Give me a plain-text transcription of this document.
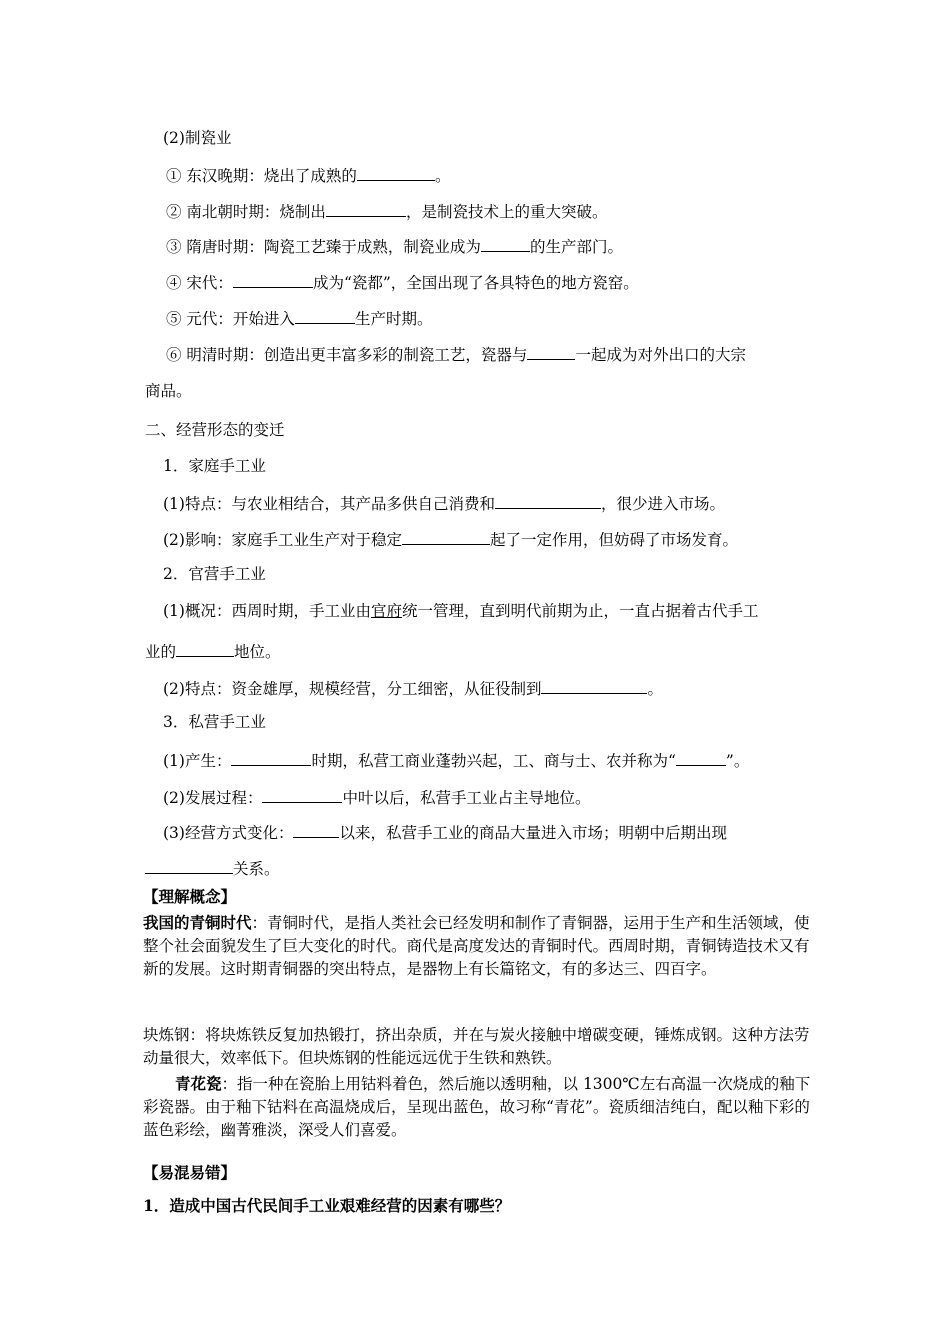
(2)制瓷业
① 东汉晚期：烧出了成熟的	。
② 南北朝时期：烧制出	，是制瓷技术上的重大突破。
③ 隋唐时期：陶瓷工艺臻于成熟，制瓷业成为	的生产部门。
④ 宋代：	成为“瓷都”，全国出现了各具特色的地方瓷窑。
⑤ 元代：开始进入	生产时期。
⑥ 明清时期：创造出更丰富多彩的制瓷工艺，瓷器与	一起成为对外出口的大宗
商品。
二、经营形态的变迁
1．家庭手工业
(1)特点：与农业相结合，其产品多供自己消费和	，很少进入市场。
(2)影响：家庭手工业生产对于稳定	起了一定作用，但妨碍了市场发育。
2．官营手工业
(1)概况：西周时期，手工业由官府统一管理，直到明代前期为止，一直占据着古代手工
业的	地位。
(2)特点：资金雄厚，规模经营，分工细密，从征役制到	。
3．私营手工业
(1)产生：	时期，私营工商业蓬勃兴起，工、商与士、农并称为“	”。
(2)发展过程：	中叶以后，私营手工业占主导地位。
(3)经营方式变化：	以来，私营手工业的商品大量进入市场；明朝中后期出现
关系。
【理解概念】
我国的青铜时代：青铜时代，是指人类社会已经发明和制作了青铜器，运用于生产和生活领域，使整个社会面貌发生了巨大变化的时代。商代是高度发达的青铜时代。西周时期，青铜铸造技术又有新的发展。这时期青铜器的突出特点，是器物上有长篇铭文，有的多达三、四百字。
块炼钢：将块炼铁反复加热锻打，挤出杂质，并在与炭火接触中增碳变硬，锤炼成钢。这种方法劳动量很大，效率低下。但块炼钢的性能远远优于生铁和熟铁。
青花瓷：指一种在瓷胎上用钴料着色，然后施以透明釉，以 1300℃左右高温一次烧成的釉下彩瓷器。由于釉下钴料在高温烧成后，呈现出蓝色，故习称“青花”。瓷质细洁纯白，配以釉下彩的蓝色彩绘，幽菁雅淡，深受人们喜爱。
【易混易错】
1．造成中国古代民间手工业艰难经营的因素有哪些？
